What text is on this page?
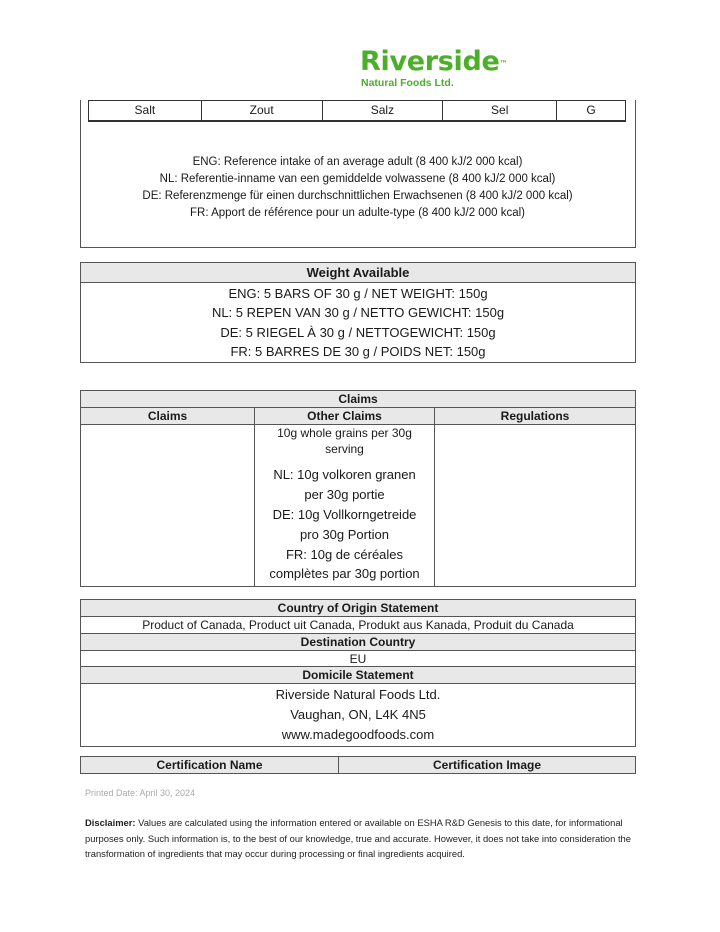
Riverside™
Natural Foods Ltd.
Salt	Zout	Salz	Sel	G
ENG: Reference intake of an average adult (8 400 kJ/2 000 kcal)
NL: Referentie-inname van een gemiddelde volwassene (8 400 kJ/2 000 kcal)
DE: Referenzmenge für einen durchschnittlichen Erwachsenen (8 400 kJ/2 000 kcal)
FR: Apport de référence pour un adulte-type (8 400 kJ/2 000 kcal)
Weight Available
ENG: 5 BARS OF 30 g / NET WEIGHT: 150g
NL: 5 REPEN VAN 30 g / NETTO GEWICHT: 150g
DE: 5 RIEGEL À 30 g / NETTOGEWICHT: 150g
FR: 5 BARRES DE 30 g / POIDS NET: 150g
Claims		
Claims	Other Claims	Regulations

	10g whole grains per 30g serving
NL: 10g volkoren granen per 30g portie
DE: 10g Vollkorngetreide pro 30g Portion
FR: 10g de céréales complètes par 30g portion	

Country of Origin Statement
Product of Canada, Product uit Canada, Produkt aus Kanada, Produit du Canada
Destination Country
EU
Domicile Statement

Riverside Natural Foods Ltd.
Vaughan, ON, L4K 4N5
www.madegoodfoods.com
Certification Name	Certification Image
Printed Date: April 30, 2024
Disclaimer: Values are calculated using the information entered or available on ESHA R&D Genesis to this date, for informational purposes only. Such information is, to the best of our knowledge, true and accurate. However, it does not take into consideration the transformation of ingredients that may occur during processing or final ingredients acquired.
